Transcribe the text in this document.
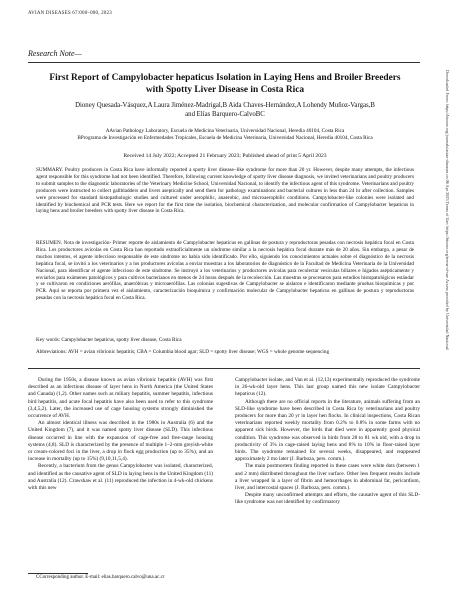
AVIAN DISEASES 67:000–000, 2023
Research Note—
First Report of Campylobacter hepaticus Isolation in Laying Hens and Broiler Breeders with Spotty Liver Disease in Costa Rica
Dioney Quesada-Vásquez,A Laura Jiménez-Madrigal,B Aida Chaves-Hernández,A Lohendy Muñoz-Vargas,B
and Elías Barquero-CalvoBC
AAvian Pathology Laboratory, Escuela de Medicina Veterinaria, Universidad Nacional, Heredia 40104, Costa Rica
BPrograma de Investigación en Enfermedades Tropicales, Escuela de Medicina Veterinaria, Universidad Nacional, Heredia 40104, Costa Rica
Received 14 July 2022; Accepted 21 February 2023; Published ahead of print 5 April 2023
SUMMARY. Poultry producers in Costa Rica have informally reported a spotty liver disease–like syndrome for more than 20 yr. However, despite many attempts, the infectious agent responsible for this syndrome had not been identified. Therefore, following current knowledge of spotty liver disease diagnosis, we invited veterinarians and poultry producers to submit samples to the diagnostic laboratories of the Veterinary Medicine School, Universidad Nacional, to identify the infectious agent of this syndrome. Veterinarians and poultry producers were instructed to collect gallbladders and livers aseptically and send them for pathology examinations and bacterial cultures in less than 24 hr after collection. Samples were processed for standard histopathologic studies and cultured under aerophilic, anaerobic, and microaerophilic conditions. Campylobacter-like colonies were isolated and identified by biochemical and PCR tests. Here we report for the first time the isolation, biochemical characterization, and molecular confirmation of Campylobacter hepaticus in laying hens and broiler breeders with spotty liver disease in Costa Rica.
RESUMEN. Nota de investigación- Primer reporte de aislamiento de Campylobacter hepaticus en gallinas de postura y reproductoras pesadas con necrosis hepática focal en Costa Rica. Los productores avícolas en Costa Rica han reportado extraoficialmente un síndrome similar a la necrosis hepática focal durante más de 20 años. Sin embargo, a pesar de muchos intentos, el agente infeccioso responsable de este síndrome no había sido identificado. Por ello, siguiendo los conocimientos actuales sobre el diagnóstico de la necrosis hepática focal, se invitó a los veterinarios y a los productores avícolas a enviar muestras a los laboratorios de diagnóstico de la Facultad de Medicina Veterinaria de la Universidad Nacional, para identificar el agente infeccioso de este síndrome. Se instruyó a los veterinarios y productores avícolas para recolectar vesículas biliares e hígados asépticamente y enviarlos para exámenes patológicos y para cultivos bacterianos en menos de 24 horas después de la recolección. Las muestras se procesaron para estudios histopatológicos estándar y se cultivaron en condiciones aerófilas, anaeróbicas y microaerófilas. Las colonias sugestivas de Campylobacter se aislaron e identificaron mediante pruebas bioquímicas y por PCR. Aquí se reporta por primera vez el aislamiento, caracterización bioquímica y confirmación molecular de Campylobacter hepaticus en gallinas de postura y reproductoras pesadas con la necrosis hepática focal en Costa Rica.
Key words: Campylobacter hepaticus, spotty liver disease, Costa Rica
Abbreviations: AVH = avian vibrionic hepatitis; CBA = Columbia blood agar; SLD = spotty liver disease; WGS = whole genome sequencing

During the 1950s, a disease known as avian vibrionic hepatitis (AVH) was first described as an infectious disease of layer hens in North America (the United States and Canada) (1,2). Other names such as miliary hepatitis, summer hepatitis, infectious bird hepatitis, and acute focal hepatitis have also been used to refer to this syndrome (3,4,5,2). Later, the increased use of cage housing systems strongly diminished the occurrence of AVH.

An almost identical illness was described in the 1980s in Australia (6) and the United Kingdom (7), and it was named spotty liver disease (SLD). This infectious disease occurred in line with the expansion of cage-free and free-range housing systems (4,8). SLD is characterized by the presence of multiple 1–2-mm greyish-white or cream-colored foci in the liver, a drop in flock egg production (up to 35%), and an increase in mortality (up to 15%) (9,10,11,5,4).

Recently, a bacterium from the genus Campylobacter was isolated, characterized, and identified as the causative agent of SLD in laying hens in the United Kingdom (11) and Australia (12). Crawshaw et al. (11) reproduced the infection in 4-wk-old chickens with this new

Campylobacter isolate, and Van et al. (12,13) experimentally reproduced the syndrome in 26-wk-old layer hens. This last group named this new isolate Campylobacter hepaticus (12).

Although there are no official reports in the literature, animals suffering from an SLD-like syndrome have been described in Costa Rica by veterinarians and poultry producers for more than 20 yr in layer hen flocks. In clinical inspections, Costa Rican veterinarians reported weekly mortality from 0.2% to 0.8% in some farms with no apparent sick birds. However, the birds that died were in apparently good physical condition. This syndrome was observed in birds from 28 to 81 wk old, with a drop in productivity of 3% in cage-raised laying hens and 8% to 10% in floor-raised layer birds. The syndrome remained for several weeks, disappeared, and reappeared approximately 2 mo later (J. Barboza, pers. comm.).

The main postmortem finding reported in these cases were white dots (between 1 and 2 mm) distributed throughout the liver surface. Other less frequent results include a liver wrapped in a layer of fibrin and hemorrhages in abdominal fat, pericardium, liver, and intercostal spaces (J. Barboza, pers. comm.).

Despite many unconfirmed attempts and efforts, the causative agent of this SLD-like syndrome was not identified by confirmatory

CCorresponding author. E-mail: elias.barquero.calvo@una.ac.cr
Downloaded From: https://bioone.org/journals/avian-diseases on 06 Apr 2023 Terms of Use: https://bioone.org/terms-of-use Access provided by Universidad Nacional
